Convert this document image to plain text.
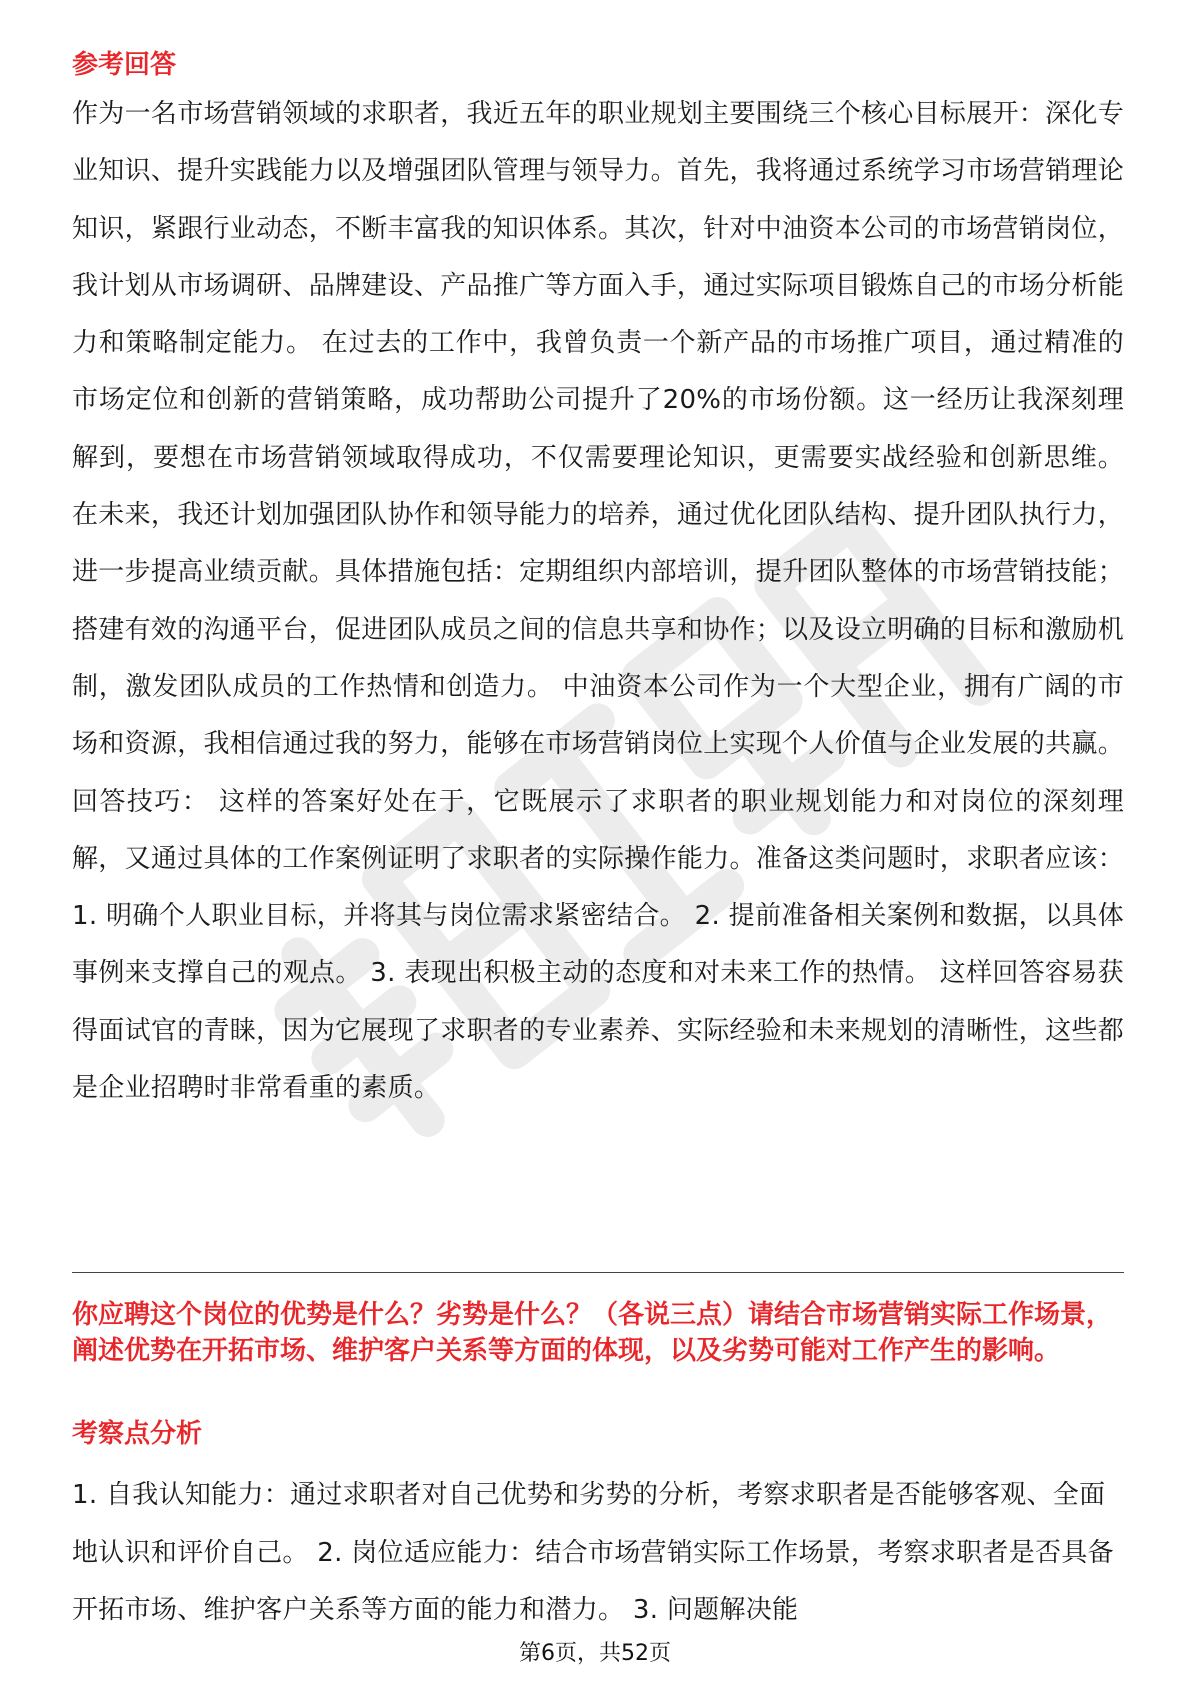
参考回答

作为一名市场营销领域的求职者，我近五年的职业规划主要围绕三个核心目标展开：深化专业知识、提升实践能力以及增强团队管理与领导力。首先，我将通过系统学习市场营销理论知识，紧跟行业动态，不断丰富我的知识体系。其次，针对中油资本公司的市场营销岗位，我计划从市场调研、品牌建设、产品推广等方面入手，通过实际项目锻炼自己的市场分析能力和策略制定能力。 在过去的工作中，我曾负责一个新产品的市场推广项目，通过精准的市场定位和创新的营销策略，成功帮助公司提升了20%的市场份额。这一经历让我深刻理解到，要想在市场营销领域取得成功，不仅需要理论知识，更需要实战经验和创新思维。 在未来，我还计划加强团队协作和领导能力的培养，通过优化团队结构、提升团队执行力，进一步提高业绩贡献。具体措施包括：定期组织内部培训，提升团队整体的市场营销技能；搭建有效的沟通平台，促进团队成员之间的信息共享和协作；以及设立明确的目标和激励机制，激发团队成员的工作热情和创造力。 中油资本公司作为一个大型企业，拥有广阔的市场和资源，我相信通过我的努力，能够在市场营销岗位上实现个人价值与企业发展的共赢。 回答技巧： 这样的答案好处在于，它既展示了求职者的职业规划能力和对岗位的深刻理解，又通过具体的工作案例证明了求职者的实际操作能力。准备这类问题时，求职者应该： 1. 明确个人职业目标，并将其与岗位需求紧密结合。 2. 提前准备相关案例和数据，以具体事例来支撑自己的观点。 3. 表现出积极主动的态度和对未来工作的热情。 这样回答容易获得面试官的青睐，因为它展现了求职者的专业素养、实际经验和未来规划的清晰性，这些都是企业招聘时非常看重的素质。

你应聘这个岗位的优势是什么？劣势是什么？（各说三点）请结合市场营销实际工作场景，阐述优势在开拓市场、维护客户关系等方面的体现，以及劣势可能对工作产生的影响。
考察点分析

1. 自我认知能力：通过求职者对自己优势和劣势的分析，考察求职者是否能够客观、全面地认识和评价自己。 2. 岗位适应能力：结合市场营销实际工作场景，考察求职者是否具备开拓市场、维护客户关系等方面的能力和潜力。 3. 问题解决能

第6页，共52页
